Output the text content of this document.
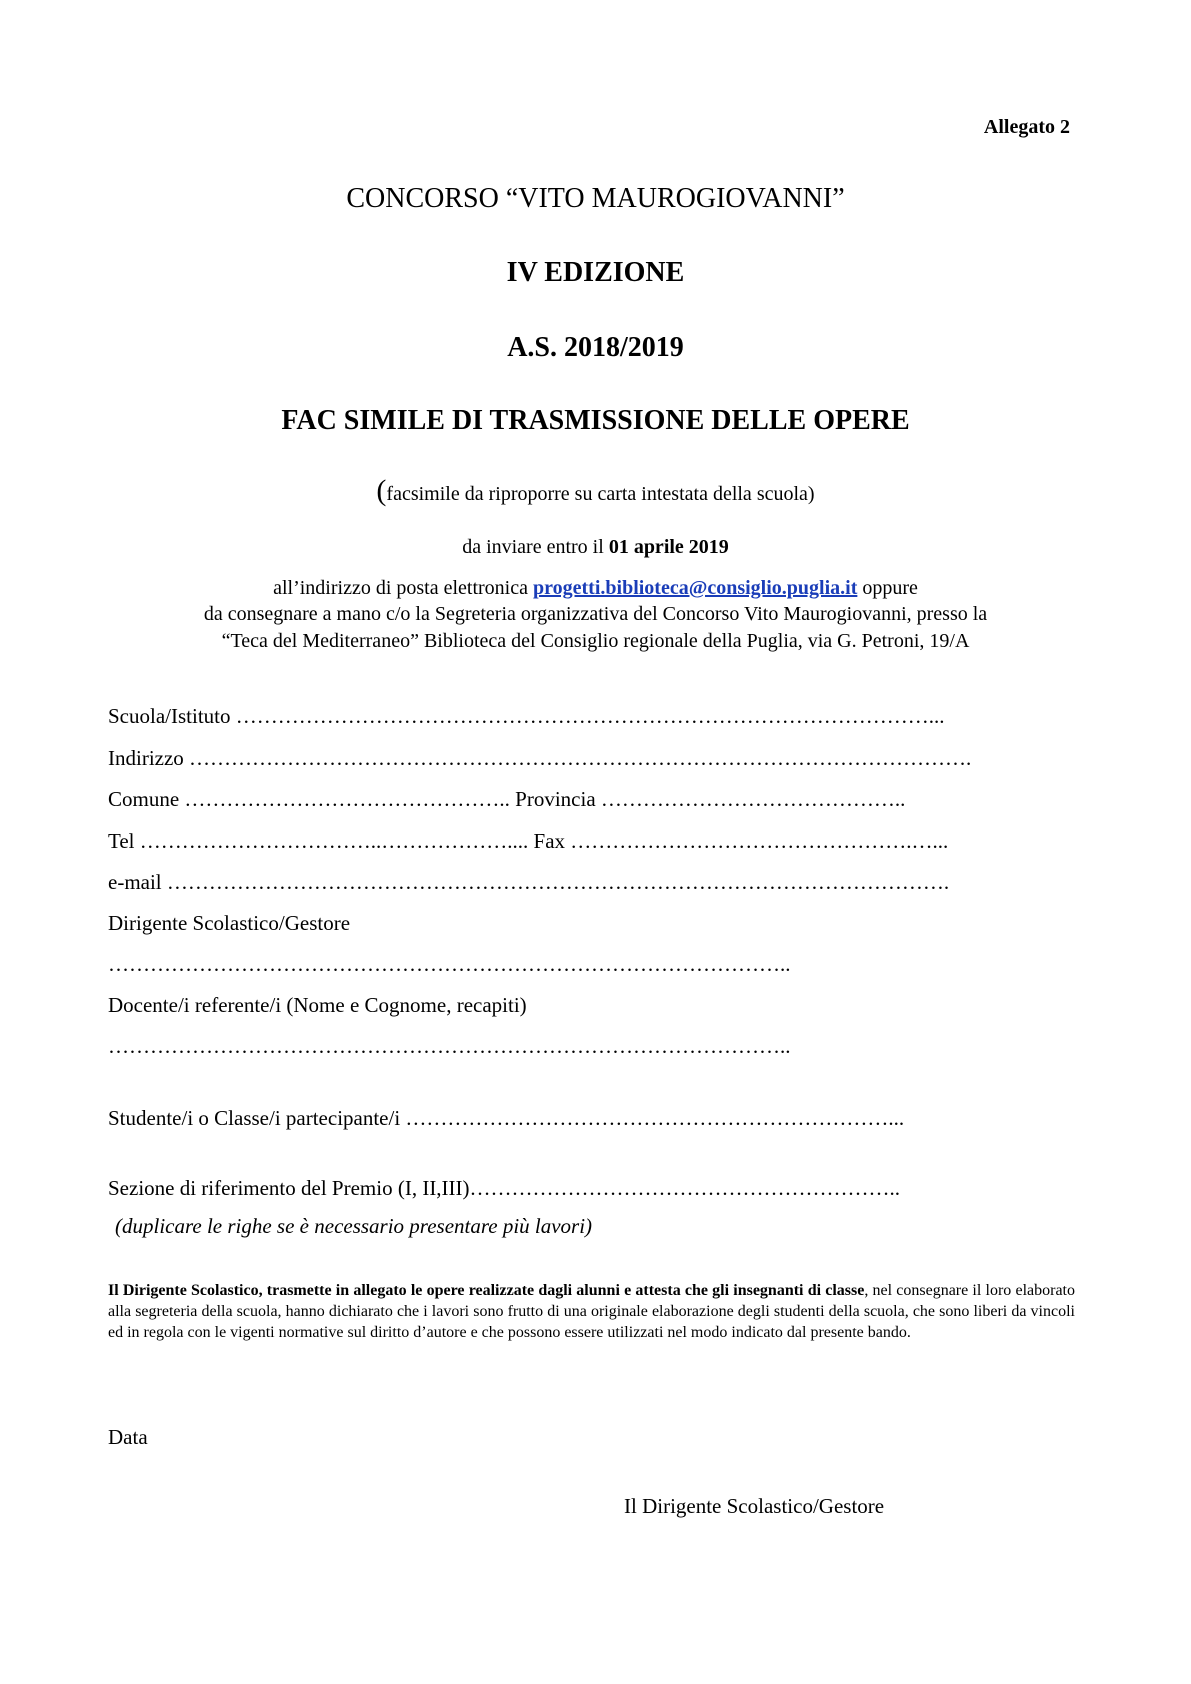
Allegato 2
CONCORSO “VITO MAUROGIOVANNI”
IV EDIZIONE
A.S. 2018/2019
FAC SIMILE DI TRASMISSIONE DELLE OPERE
(facsimile da riproporre su carta intestata della scuola)
da inviare entro il 01 aprile 2019
all’indirizzo di posta elettronica progetti.biblioteca@consiglio.puglia.it oppure
da consegnare a mano c/o la Segreteria organizzativa del Concorso Vito Maurogiovanni, presso la
“Teca del Mediterraneo” Biblioteca del Consiglio regionale della Puglia, via G. Petroni, 19/A
Scuola/Istituto ………………………………………………………………………………………...
Indirizzo ………………………………………………………………………………………………….
Comune ……………………………………….. Provincia ……………………………………..
Tel ……………………………..……………….... Fax ………………………………………….…...
e-mail ………………………………………………………………………………………………….
Dirigente Scolastico/Gestore
……………………………………………………………………………………..
Docente/i referente/i (Nome e Cognome, recapiti)
……………………………………………………………………………………..
Studente/i o Classe/i partecipante/i ……………………………………………………………...
Sezione di riferimento del Premio (I, II,III)……………………………………………………..
(duplicare le righe se è necessario presentare più lavori)
Il Dirigente Scolastico, trasmette in allegato le opere realizzate dagli alunni e attesta che gli insegnanti di classe, nel consegnare il loro elaborato alla segreteria della scuola, hanno dichiarato che i lavori sono frutto di una originale elaborazione degli studenti della scuola, che sono liberi da vincoli ed in regola con le vigenti normative sul diritto d’autore e che possono essere utilizzati nel modo indicato dal presente bando.
Data
Il Dirigente Scolastico/Gestore
